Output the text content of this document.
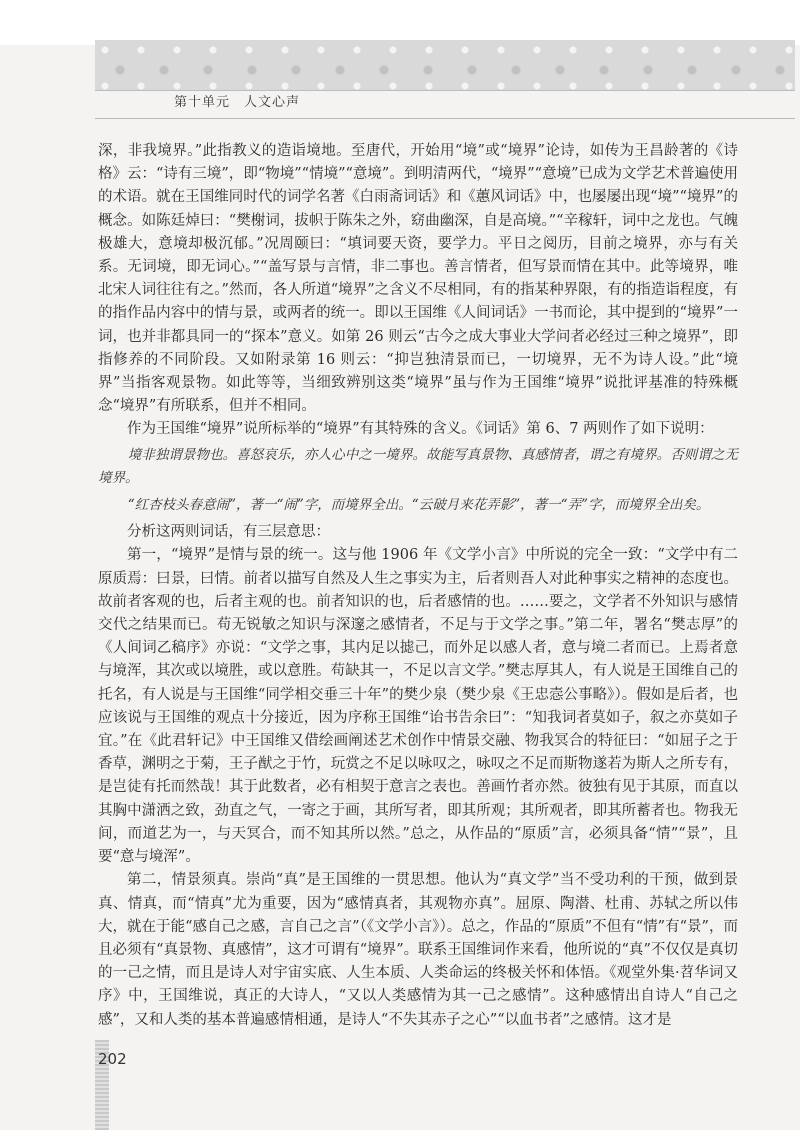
第十单元 人文心声

深，非我境界。”此指教义的造诣境地。至唐代，开始用“境”或“境界”论诗，如传为王昌龄著的《诗格》云：“诗有三境”，即“物境”“情境”“意境”。到明清两代，“境界”“意境”已成为文学艺术普遍使用的术语。就在王国维同时代的词学名著《白雨斋词话》和《蕙风词话》中，也屡屡出现“境”“境界”的概念。如陈廷焯曰：“樊榭词，拔帜于陈朱之外，窈曲幽深，自是高境。”“辛稼轩，词中之龙也。气魄极雄大，意境却极沉郁。”况周颐曰：“填词要天资，要学力。平日之阅历，目前之境界，亦与有关系。无词境，即无词心。”“盖写景与言情，非二事也。善言情者，但写景而情在其中。此等境界，唯北宋人词往往有之。”然而，各人所道“境界”之含义不尽相同，有的指某种界限，有的指造诣程度，有的指作品内容中的情与景，或两者的统一。即以王国维《人间词话》一书而论，其中提到的“境界”一词，也并非都具同一的“探本”意义。如第 26 则云“古今之成大事业大学问者必经过三种之境界”，即指修养的不同阶段。又如附录第 16 则云：“抑岂独清景而已，一切境界，无不为诗人设。”此“境界”当指客观景物。如此等等，当细致辨别这类“境界”虽与作为王国维“境界”说批评基准的特殊概念“境界”有所联系，但并不相同。

作为王国维“境界”说所标举的“境界”有其特殊的含义。《词话》第 6、7 两则作了如下说明：

境非独谓景物也。喜怒哀乐，亦人心中之一境界。故能写真景物、真感情者，谓之有境界。否则谓之无境界。

“红杏枝头春意闹”，著一“闹”字，而境界全出。“云破月来花弄影”，著一“弄”字，而境界全出矣。

分析这两则词话，有三层意思：

第一，“境界”是情与景的统一。这与他 1906 年《文学小言》中所说的完全一致：“文学中有二原质焉：曰景，曰情。前者以描写自然及人生之事实为主，后者则吾人对此种事实之精神的态度也。故前者客观的也，后者主观的也。前者知识的也，后者感情的也。……要之，文学者不外知识与感情交代之结果而已。苟无锐敏之知识与深邃之感情者，不足与于文学之事。”第二年，署名“樊志厚”的《人间词乙稿序》亦说：“文学之事，其内足以摅己，而外足以感人者，意与境二者而已。上焉者意与境浑，其次或以境胜，或以意胜。苟缺其一，不足以言文学。”樊志厚其人，有人说是王国维自己的托名，有人说是与王国维“同学相交垂三十年”的樊少泉（樊少泉《王忠悫公事略》）。假如是后者，也应该说与王国维的观点十分接近，因为序称王国维“诒书告余曰”：“知我词者莫如子，叙之亦莫如子宜。”在《此君轩记》中王国维又借绘画阐述艺术创作中情景交融、物我冥合的特征曰：“如屈子之于香草，渊明之于菊，王子猷之于竹，玩赏之不足以咏叹之，咏叹之不足而斯物遂若为斯人之所专有，是岂徒有托而然哉！其于此数者，必有相契于意言之表也。善画竹者亦然。彼独有见于其原，而直以其胸中潇洒之致，劲直之气，一寄之于画，其所写者，即其所观；其所观者，即其所蓄者也。物我无间，而道艺为一，与天冥合，而不知其所以然。”总之，从作品的“原质”言，必须具备“情”“景”，且要“意与境浑”。

第二，情景须真。崇尚“真”是王国维的一贯思想。他认为“真文学”当不受功利的干预，做到景真、情真，而“情真”尤为重要，因为“感情真者，其观物亦真”。屈原、陶潜、杜甫、苏轼之所以伟大，就在于能“感自己之感，言自己之言”（《文学小言》）。总之，作品的“原质”不但有“情”有“景”，而且必须有“真景物、真感情”，这才可谓有“境界”。联系王国维词作来看，他所说的“真”不仅仅是真切的一己之情，而且是诗人对宇宙实底、人生本质、人类命运的终极关怀和体悟。《观堂外集·苕华词又序》中，王国维说，真正的大诗人，“又以人类感情为其一己之感情”。这种感情出自诗人“自己之感”，又和人类的基本普遍感情相通，是诗人“不失其赤子之心”“以血书者”之感情。这才是

202
